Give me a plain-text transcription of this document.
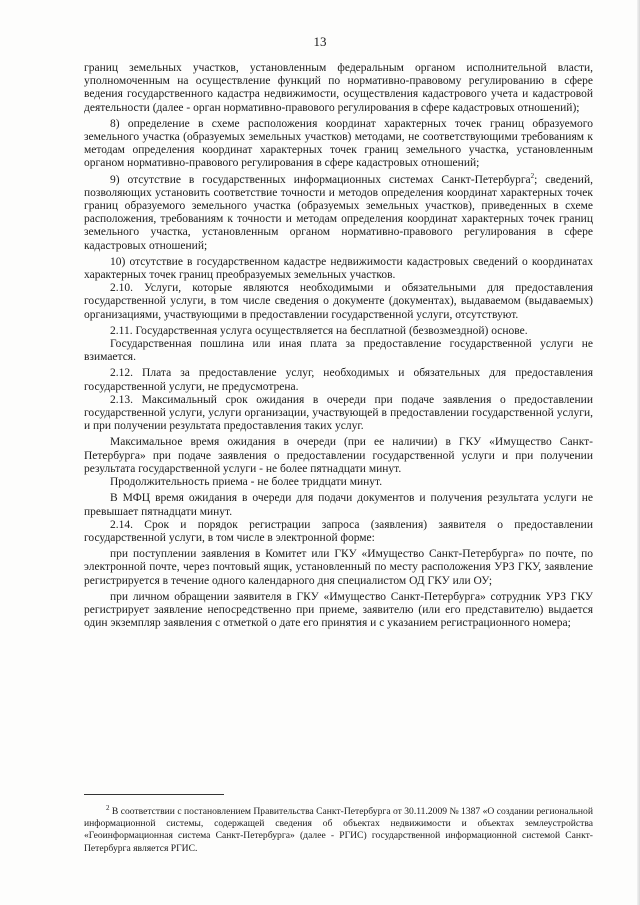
13

границ земельных участков, установленным федеральным органом исполнительной власти, уполномоченным на осуществление функций по нормативно-правовому регулированию в сфере ведения государственного кадастра недвижимости, осуществления кадастрового учета и кадастровой деятельности (далее - орган нормативно-правового регулирования в сфере кадастровых отношений);

8) определение в схеме расположения координат характерных точек границ образуемого земельного участка (образуемых земельных участков) методами, не соответствующими требованиям к методам определения координат характерных точек границ земельного участка, установленным органом нормативно-правового регулирования в сфере кадастровых отношений;

9) отсутствие в государственных информационных системах Санкт-Петербурга$^2$; сведений, позволяющих установить соответствие точности и методов определения координат характерных точек границ образуемого земельного участка (образуемых земельных участков), приведенных в схеме расположения, требованиям к точности и методам определения координат характерных точек границ земельного участка, установленным органом нормативно-правового регулирования в сфере кадастровых отношений;

10) отсутствие в государственном кадастре недвижимости кадастровых сведений о координатах характерных точек границ преобразуемых земельных участков.

2.10. Услуги, которые являются необходимыми и обязательными для предоставления государственной услуги, в том числе сведения о документе (документах), выдаваемом (выдаваемых) организациями, участвующими в предоставлении государственной услуги, отсутствуют.

2.11. Государственная услуга осуществляется на бесплатной (безвозмездной) основе.

Государственная пошлина или иная плата за предоставление государственной услуги не взимается.

2.12. Плата за предоставление услуг, необходимых и обязательных для предоставления государственной услуги, не предусмотрена.

2.13. Максимальный срок ожидания в очереди при подаче заявления о предоставлении государственной услуги, услуги организации, участвующей в предоставлении государственной услуги, и при получении результата предоставления таких услуг.

Максимальное время ожидания в очереди (при ее наличии) в ГКУ «Имущество Санкт-Петербурга» при подаче заявления о предоставлении государственной услуги и при получении результата государственной услуги - не более пятнадцати минут.

Продолжительность приема - не более тридцати минут.

В МФЦ время ожидания в очереди для подачи документов и получения результата услуги не превышает пятнадцати минут.

2.14. Срок и порядок регистрации запроса (заявления) заявителя о предоставлении государственной услуги, в том числе в электронной форме:

при поступлении заявления в Комитет или ГКУ «Имущество Санкт-Петербурга» по почте, по электронной почте, через почтовый ящик, установленный по месту расположения УРЗ ГКУ, заявление регистрируется в течение одного календарного дня специалистом ОД ГКУ или ОУ;

при личном обращении заявителя в ГКУ «Имущество Санкт-Петербурга» сотрудник УРЗ ГКУ регистрирует заявление непосредственно при приеме, заявителю (или его представителю) выдается один экземпляр заявления с отметкой о дате его принятия и с указанием регистрационного номера;

$^2$ В соответствии с постановлением Правительства Санкт-Петербурга от 30.11.2009 № 1387 «О создании региональной информационной системы, содержащей сведения об объектах недвижимости и объектах землеустройства «Геоинформационная система Санкт-Петербурга» (далее - РГИС) государственной информационной системой Санкт-Петербурга является РГИС.
